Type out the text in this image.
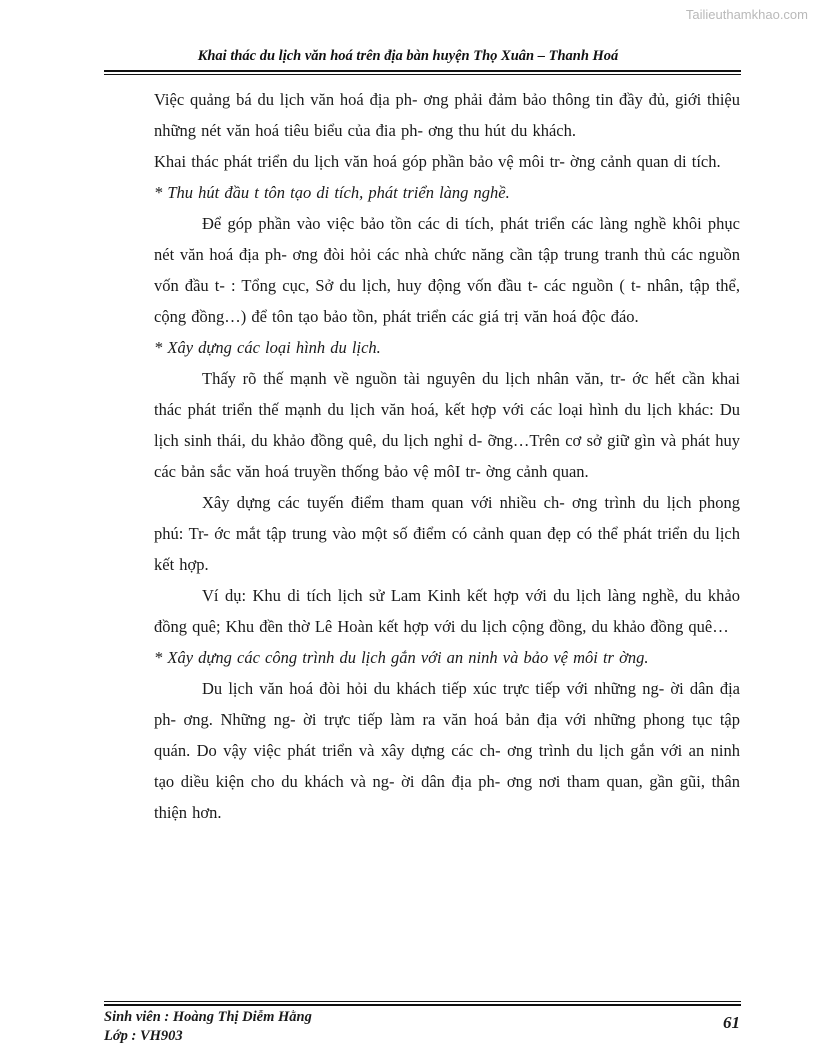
Tailieuthamkhao.com
Khai thác du lịch văn hoá trên địa bàn huyện Thọ Xuân – Thanh Hoá

Việc quảng bá du lịch văn hoá địa ph- ơng phải đảm bảo thông tin đầy đủ, giới thiệu những nét văn hoá tiêu biểu của đia ph- ơng thu hút du khách.

Khai thác phát triển du lịch văn hoá góp phần bảo vệ môi tr- ờng cảnh quan di tích.

* Thu hút đầu t tôn tạo di tích, phát triển làng nghề.

Để góp phần vào việc bảo tồn các di tích, phát triển các làng nghề khôi phục nét văn hoá địa ph- ơng đòi hỏi các nhà chức năng cần tập trung tranh thủ các nguồn vốn đầu t- : Tổng cục, Sở du lịch, huy động vốn đầu t- các nguồn ( t- nhân, tập thể, cộng đồng…) để tôn tạo bảo tồn, phát triển các giá trị văn hoá độc đáo.

* Xây dựng các loại hình du lịch.

Thấy rõ thế mạnh về nguồn tài nguyên du lịch nhân văn, tr- ớc hết cần khai thác phát triển thế mạnh du lịch văn hoá, kết hợp với các loại hình du lịch khác: Du lịch sinh thái, du khảo đồng quê, du lịch nghỉ d- ỡng…Trên cơ sở giữ gìn và phát huy các bản sắc văn hoá truyền thống bảo vệ môI tr- ờng cảnh quan.

Xây dựng các tuyến điểm tham quan với nhiều ch- ơng trình du lịch phong phú: Tr- ớc mắt tập trung vào một số điểm có cảnh quan đẹp có thể phát triển du lịch kết hợp.

Ví dụ: Khu di tích lịch sử Lam Kinh kết hợp với du lịch làng nghề, du khảo đồng quê; Khu đền thờ Lê Hoàn kết hợp với du lịch cộng đồng, du khảo đồng quê…

* Xây dựng các công trình du lịch gắn với an ninh và bảo vệ môi tr ờng.

Du lịch văn hoá đòi hỏi du khách tiếp xúc trực tiếp với những ng- ời dân địa ph- ơng. Những ng- ời trực tiếp làm ra văn hoá bản địa với những phong tục tập quán. Do vậy việc phát triển và xây dựng các ch- ơng trình du lịch gắn với an ninh tạo diều kiện cho du khách và ng- ời dân địa ph- ơng nơi tham quan, gần gũi, thân thiện hơn.

Sinh viên : Hoàng Thị Diễm Hằng
Lớp : VH903
61
